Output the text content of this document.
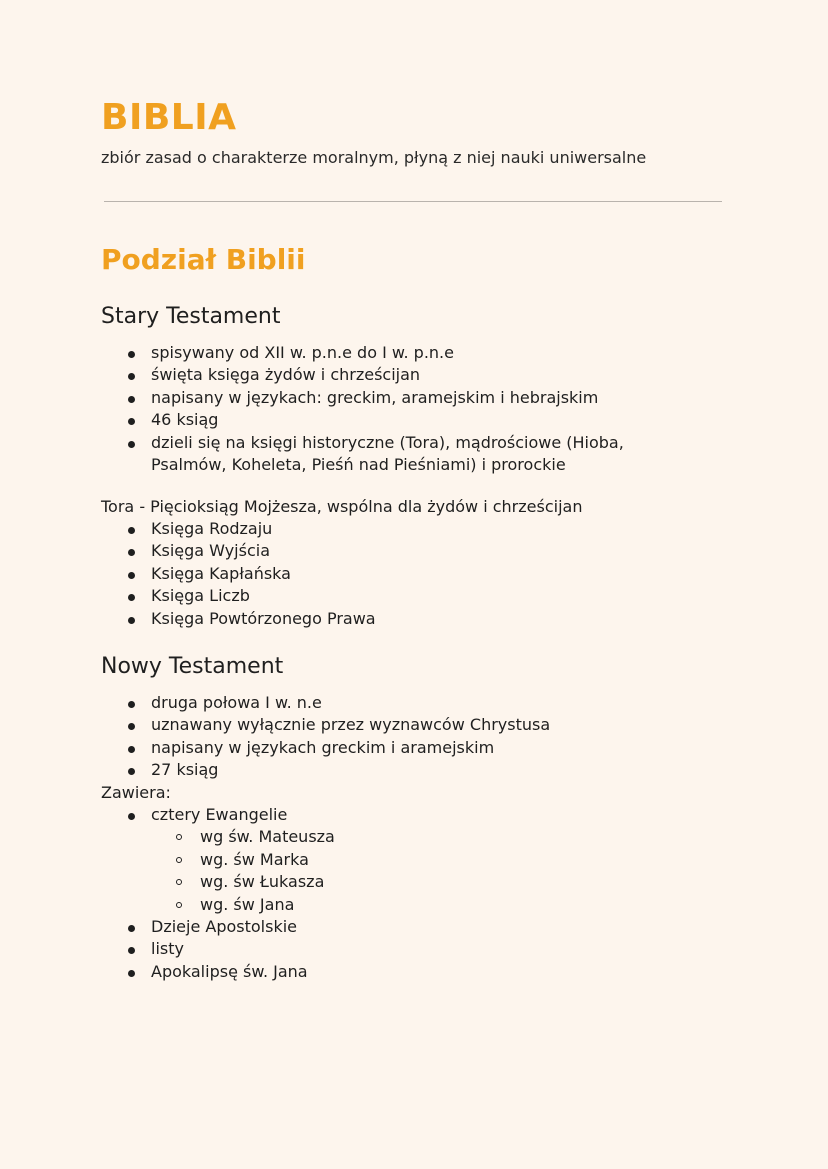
BIBLIA

zbiór zasad o charakterze moralnym, płyną z niej nauki uniwersalne

Podział Biblii
Stary Testament
spisywany od XII w. p.n.e do I w. p.n.e
święta księga żydów i chrześcijan
napisany w językach: greckim, aramejskim i hebrajskim
46 ksiąg
dzieli się na księgi historyczne (Tora), mądrościowe (Hioba, Psalmów, Koheleta, Pieśń nad Pieśniami) i prorockie

Tora - Pięcioksiąg Mojżesza, wspólna dla żydów i chrześcijan

Księga Rodzaju
Księga Wyjścia
Księga Kapłańska
Księga Liczb
Księga Powtórzonego Prawa
Nowy Testament
druga połowa I w. n.e
uznawany wyłącznie przez wyznawców Chrystusa
napisany w językach greckim i aramejskim
27 ksiąg

Zawiera:

cztery Ewangelie
wg św. Mateusza
wg. św Marka
wg. św Łukasza
wg. św Jana
Dzieje Apostolskie
listy
Apokalipsę św. Jana
